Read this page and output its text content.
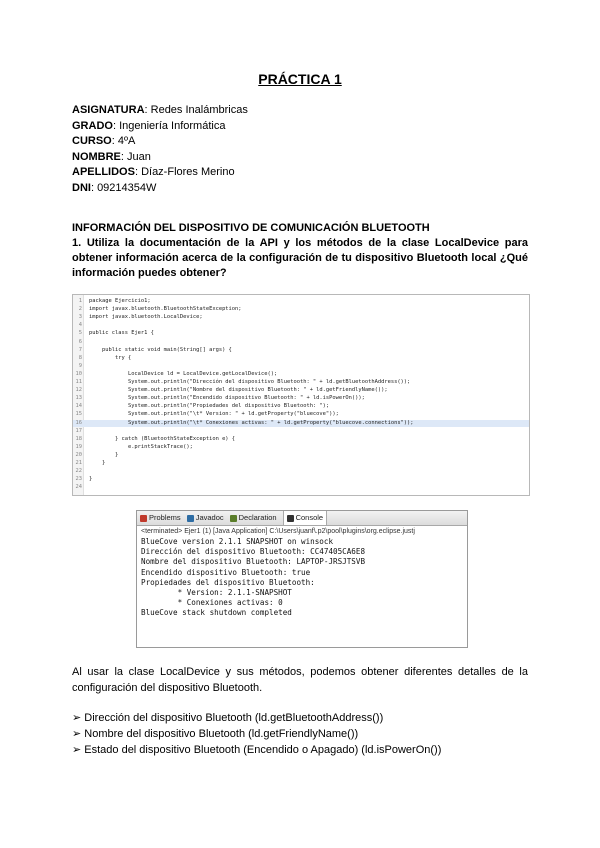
PRÁCTICA 1
ASIGNATURA: Redes Inalámbricas
GRADO: Ingeniería Informática
CURSO: 4ºA
NOMBRE: Juan
APELLIDOS: Díaz-Flores Merino
DNI: 09214354W
INFORMACIÓN DEL DISPOSITIVO DE COMUNICACIÓN BLUETOOTH
1. Utiliza la documentación de la API y los métodos de la clase LocalDevice para obtener información acerca de la configuración de tu dispositivo Bluetooth local ¿Qué información puedes obtener?
1 package Ejercicio1;
2 import javax.bluetooth.BluetoothStateException;
3 import javax.bluetooth.LocalDevice;
4
5 public class Ejer1 {
6
7 public static void main(String[] args) {
8 try {
9
10 LocalDevice ld = LocalDevice.getLocalDevice();
11 System.out.println("Dirección del dispositivo Bluetooth: " + ld.getBluetoothAddress());
12 System.out.println("Nombre del dispositivo Bluetooth: " + ld.getFriendlyName());
13 System.out.println("Encendido dispositivo Bluetooth: " + ld.isPowerOn());
14 System.out.println("Propiedades del dispositivo Bluetooth: ");
15 System.out.println("\t* Version: " + ld.getProperty("bluecove"));
16 System.out.println("\t* Conexiones activas: " + ld.getProperty("bluecove.connections"));
17
18 } catch (BluetoothStateException e) {
19 e.printStackTrace();
20 }
21 }
22
23 }
24
Problems Javadoc Declaration	Console
<terminated> Ejer1 (1) [Java Application] C:\Users\juanf\.p2\pool\plugins\org.eclipse.justj
BlueCove version 2.1.1 SNAPSHOT on winsock
Dirección del dispositivo Bluetooth: CC47405CA6E8
Nombre del dispositivo Bluetooth: LAPTOP-JRSJTSVB
Encendido dispositivo Bluetooth: true
Propiedades del dispositivo Bluetooth:
* Version: 2.1.1-SNAPSHOT
* Conexiones activas: 0
BlueCove stack shutdown completed
Al usar la clase LocalDevice y sus métodos, podemos obtener diferentes detalles de la configuración del dispositivo Bluetooth.
➢ Dirección del dispositivo Bluetooth (ld.getBluetoothAddress())
➢ Nombre del dispositivo Bluetooth (ld.getFriendlyName())
➢ Estado del dispositivo Bluetooth (Encendido o Apagado) (ld.isPowerOn())
